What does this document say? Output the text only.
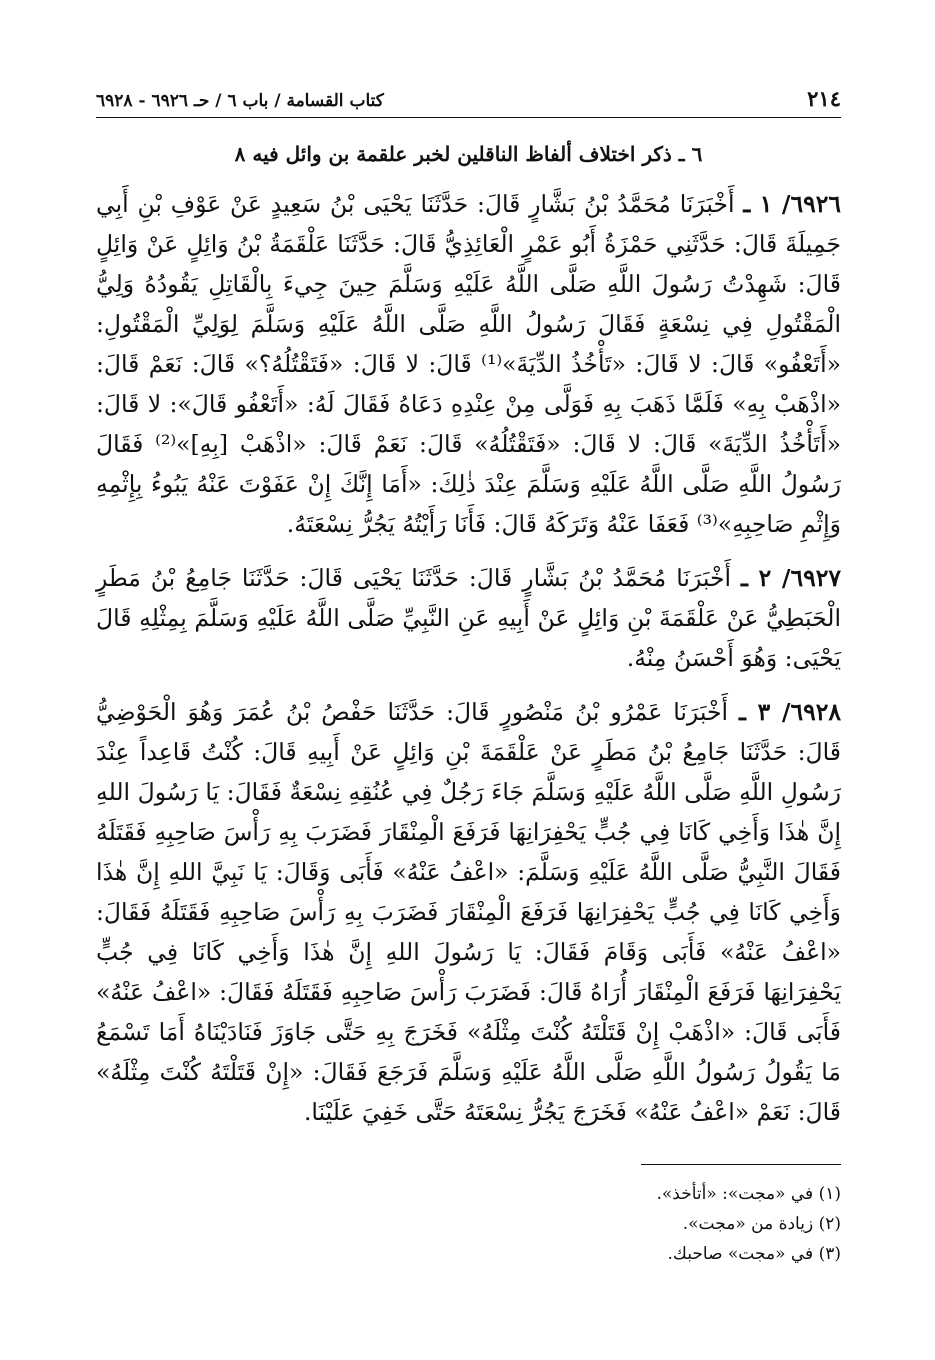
٢١٤
كتاب القسامة / باب ٦ / حـ ٦٩٢٦ - ٦٩٢٨
٦ ـ ذكر اختلاف ألفاظ الناقلين لخبر علقمة بن وائل فيه ٨

٦٩٢٦/ ١ ـ أَخْبَرَنَا مُحَمَّدُ بْنُ بَشَّارٍ قَالَ: حَدَّثَنَا يَحْيَى بْنُ سَعِيدٍ عَنْ عَوْفِ بْنِ أَبِي جَمِيلَةَ قَالَ: حَدَّثَنِي حَمْزَةُ أَبُو عَمْرٍ الْعَائِذِيُّ قَالَ: حَدَّثَنَا عَلْقَمَةُ بْنُ وَائِلٍ عَنْ وَائِلٍ قَالَ: شَهِدْتُ رَسُولَ اللَّهِ صَلَّى اللَّهُ عَلَيْهِ وَسَلَّمَ حِينَ جِيءَ بِالْقَاتِلِ يَقُودُهُ وَلِيُّ الْمَقْتُولِ فِي نِسْعَةٍ فَقَالَ رَسُولُ اللَّهِ صَلَّى اللَّهُ عَلَيْهِ وَسَلَّمَ لِوَلِيِّ الْمَقْتُولِ: «أَتَعْفُو» قَالَ: لا قَالَ: «تَأْخُذُ الدِّيَةَ»⁽¹⁾ قَالَ: لا قَالَ: «فَتَقْتُلُهُ؟» قَالَ: نَعَمْ قَالَ: «اذْهَبْ بِهِ» فَلَمَّا ذَهَبَ بِهِ فَوَلَّى مِنْ عِنْدِهِ دَعَاهُ فَقَالَ لَهُ: «أَتَعْفُو قَالَ»: لا قَالَ: «أَتَأْخُذُ الدِّيَةَ» قَالَ: لا قَالَ: «فَتَقْتُلُهُ» قَالَ: نَعَمْ قَالَ: «اذْهَبْ [بِهِ]»⁽²⁾ فَقَالَ رَسُولُ اللَّهِ صَلَّى اللَّهُ عَلَيْهِ وَسَلَّمَ عِنْدَ ذٰلِكَ: «أَمَا إِنَّكَ إِنْ عَفَوْتَ عَنْهُ يَبُوءُ بِإِثْمِهِ وَإِثْمِ صَاحِبِهِ»⁽³⁾ فَعَفَا عَنْهُ وَتَرَكَهُ قَالَ: فَأَنَا رَأَيْتُهُ يَجُرُّ نِسْعَتَهُ.

٦٩٢٧/ ٢ ـ أَخْبَرَنَا مُحَمَّدُ بْنُ بَشَّارٍ قَالَ: حَدَّثَنَا يَحْيَى قَالَ: حَدَّثَنَا جَامِعُ بْنُ مَطَرٍ الْحَبَطِيُّ عَنْ عَلْقَمَةَ بْنِ وَائِلٍ عَنْ أَبِيهِ عَنِ النَّبِيِّ صَلَّى اللَّهُ عَلَيْهِ وَسَلَّمَ بِمِثْلِهِ قَالَ يَحْيَى: وَهُوَ أَحْسَنُ مِنْهُ.

٦٩٢٨/ ٣ ـ أَخْبَرَنَا عَمْرُو بْنُ مَنْصُورٍ قَالَ: حَدَّثَنَا حَفْصُ بْنُ عُمَرَ وَهُوَ الْحَوْضِيُّ قَالَ: حَدَّثَنَا جَامِعُ بْنُ مَطَرٍ عَنْ عَلْقَمَةَ بْنِ وَائِلٍ عَنْ أَبِيهِ قَالَ: كُنْتُ قَاعِداً عِنْدَ رَسُولِ اللَّهِ صَلَّى اللَّهُ عَلَيْهِ وَسَلَّمَ جَاءَ رَجُلٌ فِي عُنُقِهِ نِسْعَةٌ فَقَالَ: يَا رَسُولَ اللهِ إِنَّ هٰذَا وَأَخِي كَانَا فِي جُبٍّ يَحْفِرَانِهَا فَرَفَعَ الْمِنْقَارَ فَضَرَبَ بِهِ رَأْسَ صَاحِبِهِ فَقَتَلَهُ فَقَالَ النَّبِيُّ صَلَّى اللَّهُ عَلَيْهِ وَسَلَّمَ: «اعْفُ عَنْهُ» فَأَبَى وَقَالَ: يَا نَبِيَّ اللهِ إِنَّ هٰذَا وَأَخِي كَانَا فِي جُبٍّ يَحْفِرَانِهَا فَرَفَعَ الْمِنْقَارَ فَضَرَبَ بِهِ رَأْسَ صَاحِبِهِ فَقَتَلَهُ فَقَالَ: «اعْفُ عَنْهُ» فَأَبَى وَقَامَ فَقَالَ: يَا رَسُولَ اللهِ إِنَّ هٰذَا وَأَخِي كَانَا فِي جُبٍّ يَحْفِرَانِهَا فَرَفَعَ الْمِنْقَارَ أُرَاهُ قَالَ: فَضَرَبَ رَأْسَ صَاحِبِهِ فَقَتَلَهُ فَقَالَ: «اعْفُ عَنْهُ» فَأَبَى قَالَ: «اذْهَبْ إِنْ قَتَلْتَهُ كُنْتَ مِثْلَهُ» فَخَرَجَ بِهِ حَتَّى جَاوَزَ فَنَادَيْنَاهُ أَمَا تَسْمَعُ مَا يَقُولُ رَسُولُ اللَّهِ صَلَّى اللَّهُ عَلَيْهِ وَسَلَّمَ فَرَجَعَ فَقَالَ: «إِنْ قَتَلْتَهُ كُنْتَ مِثْلَهُ» قَالَ: نَعَمْ «اعْفُ عَنْهُ» فَخَرَجَ يَجُرُّ نِسْعَتَهُ حَتَّى خَفِيَ عَلَيْنَا.

(١) في «مجت»: «أتأخذ».

(٢) زيادة من «مجت».

(٣) في «مجت» صاحبك.
